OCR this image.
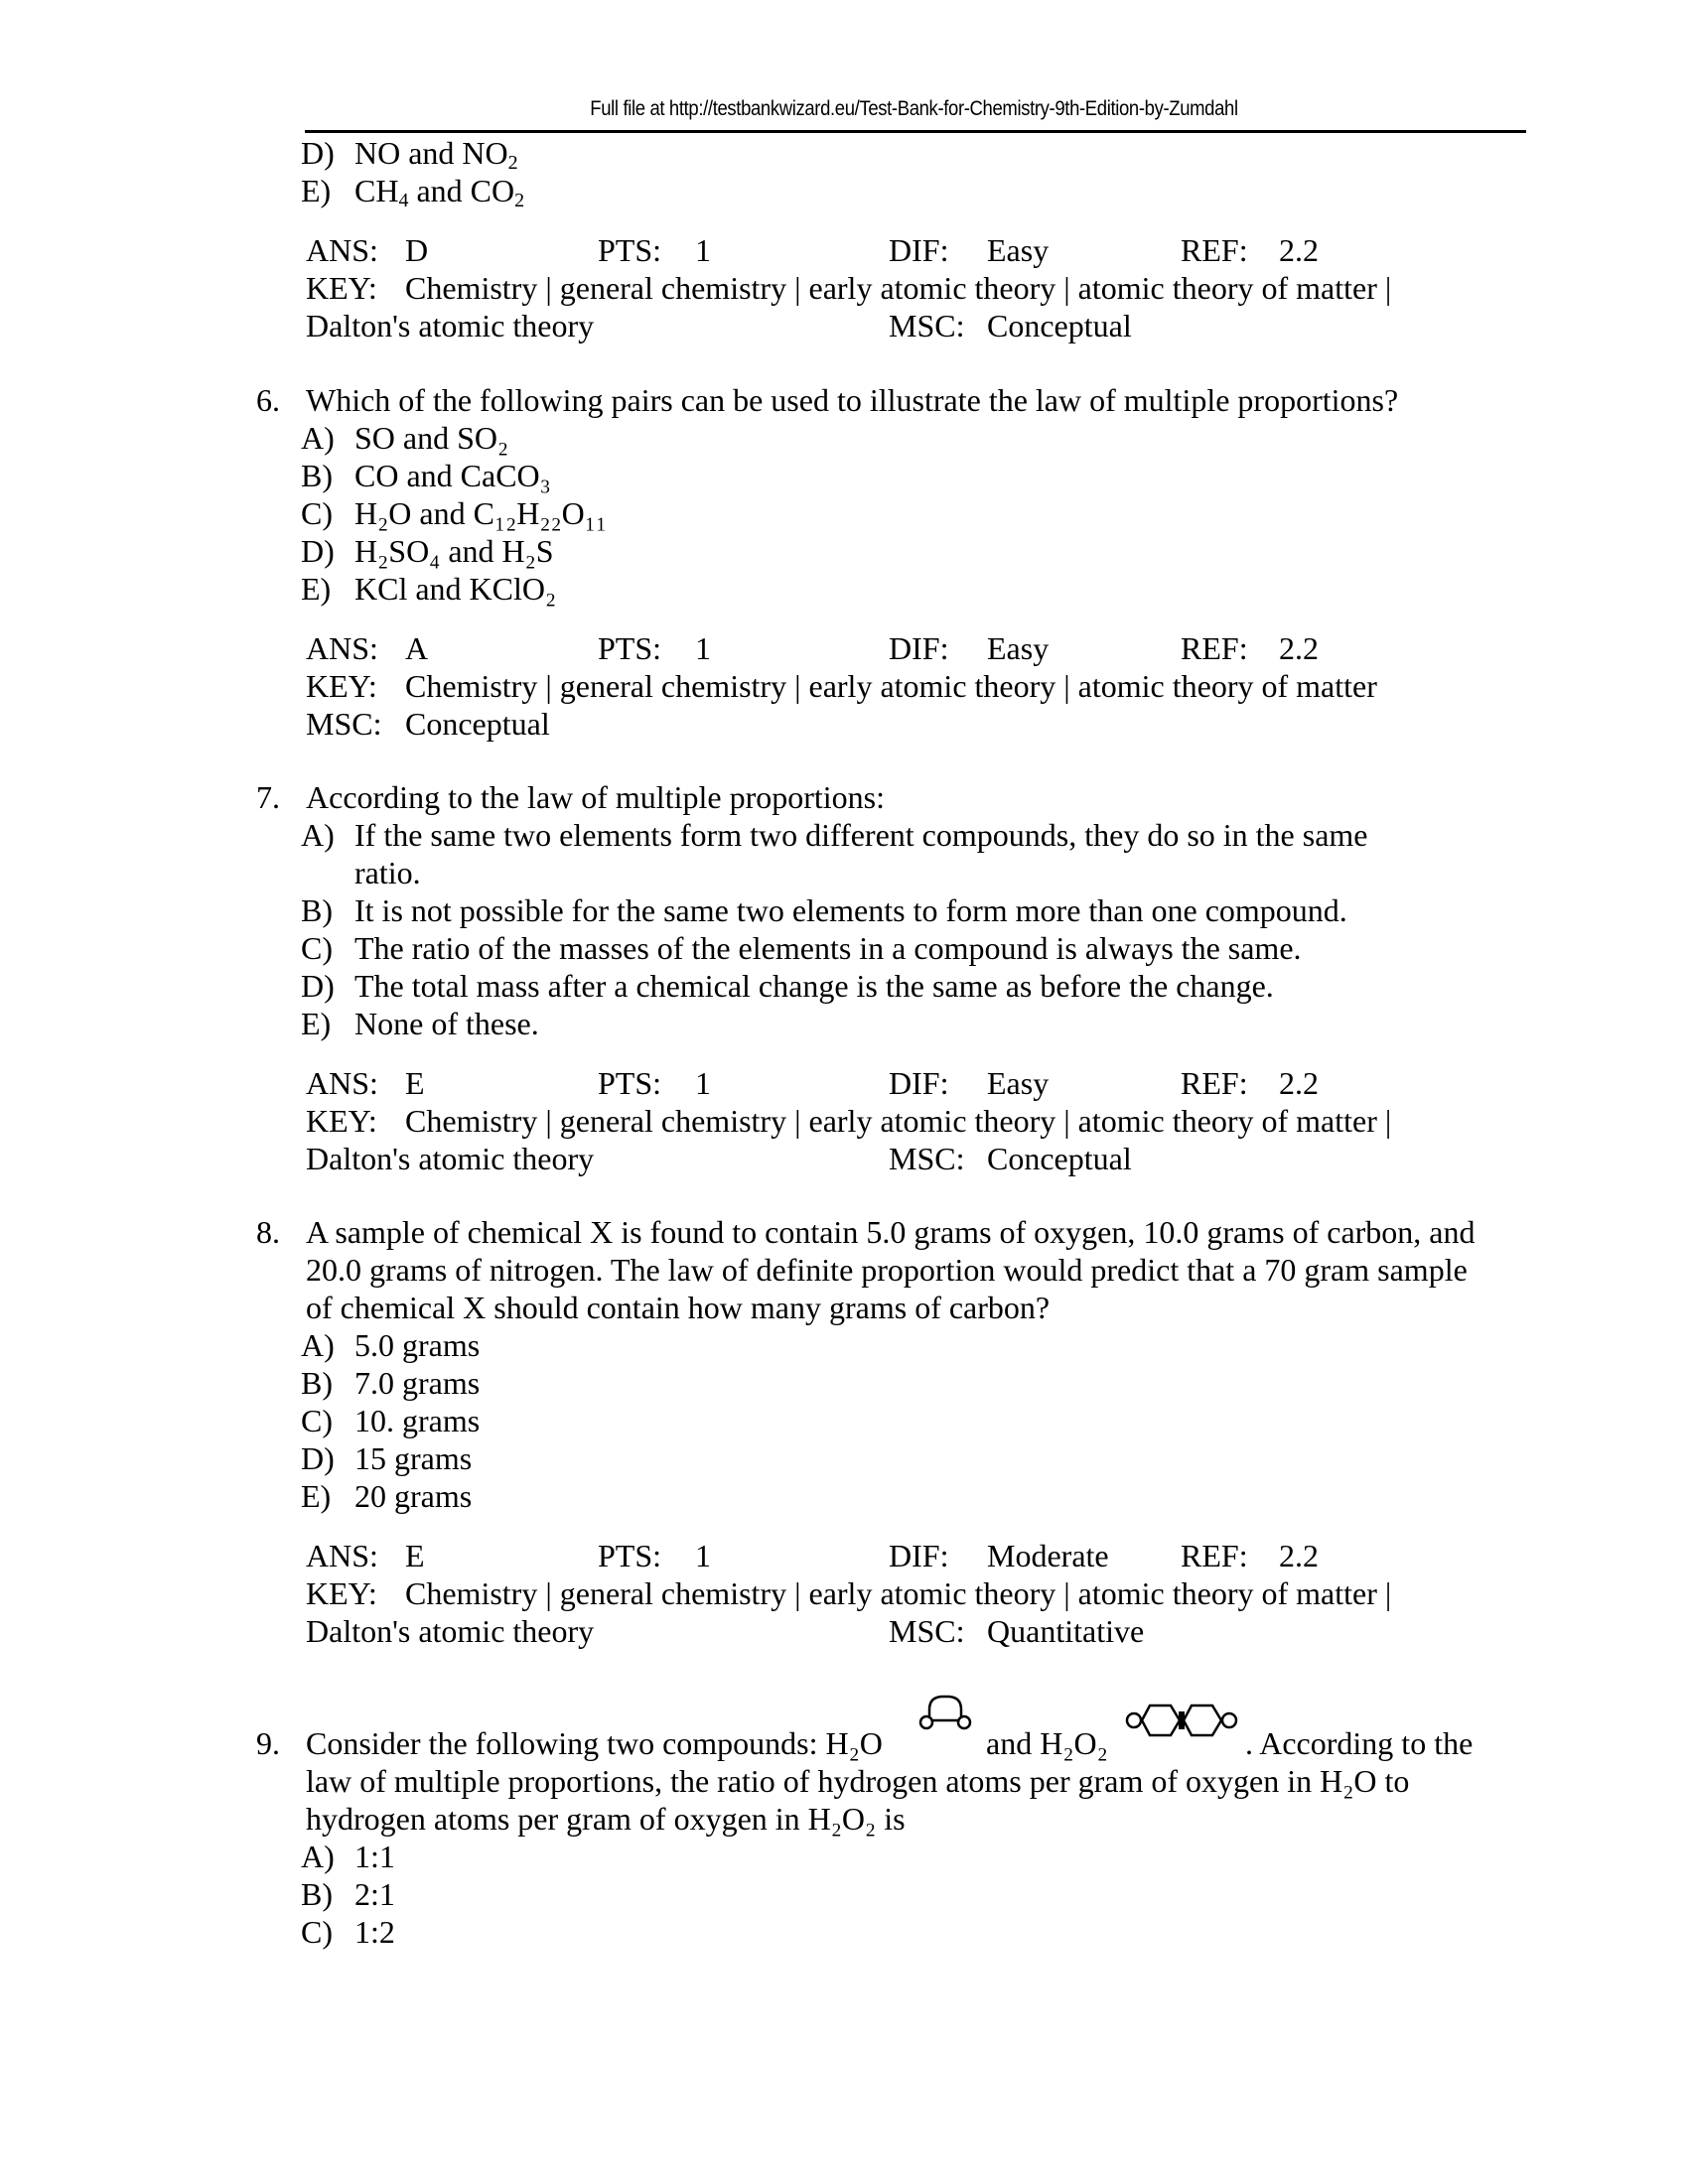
Full file at http://testbankwizard.eu/Test-Bank-for-Chemistry-9th-Edition-by-Zumdahl
D) NO and $NO_2$
E) $CH_4$ and $CO_2$
ANS: D	PTS: 1	DIF: Easy	REF: 2.2
KEY: Chemistry | general chemistry | early atomic theory | atomic theory of matter |
Dalton's atomic theory	MSC: Conceptual
6. Which of the following pairs can be used to illustrate the law of multiple proportions?
A) SO and SO₂
B) CO and CaCO₃
C) H₂O and C₁₂H₂₂O₁₁
D) H₂SO₄ and H₂S
E) KCl and KClO₂
ANS: A	PTS: 1	DIF: Easy	REF: 2.2
KEY: Chemistry | general chemistry | early atomic theory | atomic theory of matter
MSC: Conceptual
7. According to the law of multiple proportions:
A) If the same two elements form two different compounds, they do so in the same
ratio.
B) It is not possible for the same two elements to form more than one compound.
C) The ratio of the masses of the elements in a compound is always the same.
D) The total mass after a chemical change is the same as before the change.
E) None of these.
ANS: E	PTS: 1	DIF: Easy	REF: 2.2
KEY: Chemistry | general chemistry | early atomic theory | atomic theory of matter |
Dalton's atomic theory	MSC: Conceptual
8. A sample of chemical X is found to contain 5.0 grams of oxygen, 10.0 grams of carbon, and
20.0 grams of nitrogen. The law of definite proportion would predict that a 70 gram sample
of chemical X should contain how many grams of carbon?
A) 5.0 grams
B) 7.0 grams
C) 10. grams
D) 15 grams
E) 20 grams
ANS: E	PTS: 1	DIF: Moderate REF: 2.2
KEY: Chemistry | general chemistry | early atomic theory | atomic theory of matter |
Dalton's atomic theory	MSC: Quantitative
9. Consider the following two compounds: H₂O	and H₂O₂	. According to the
law of multiple proportions, the ratio of hydrogen atoms per gram of oxygen in H₂O to
hydrogen atoms per gram of oxygen in H₂O₂ is
A) 1:1
B) 2:1
C) 1:2
